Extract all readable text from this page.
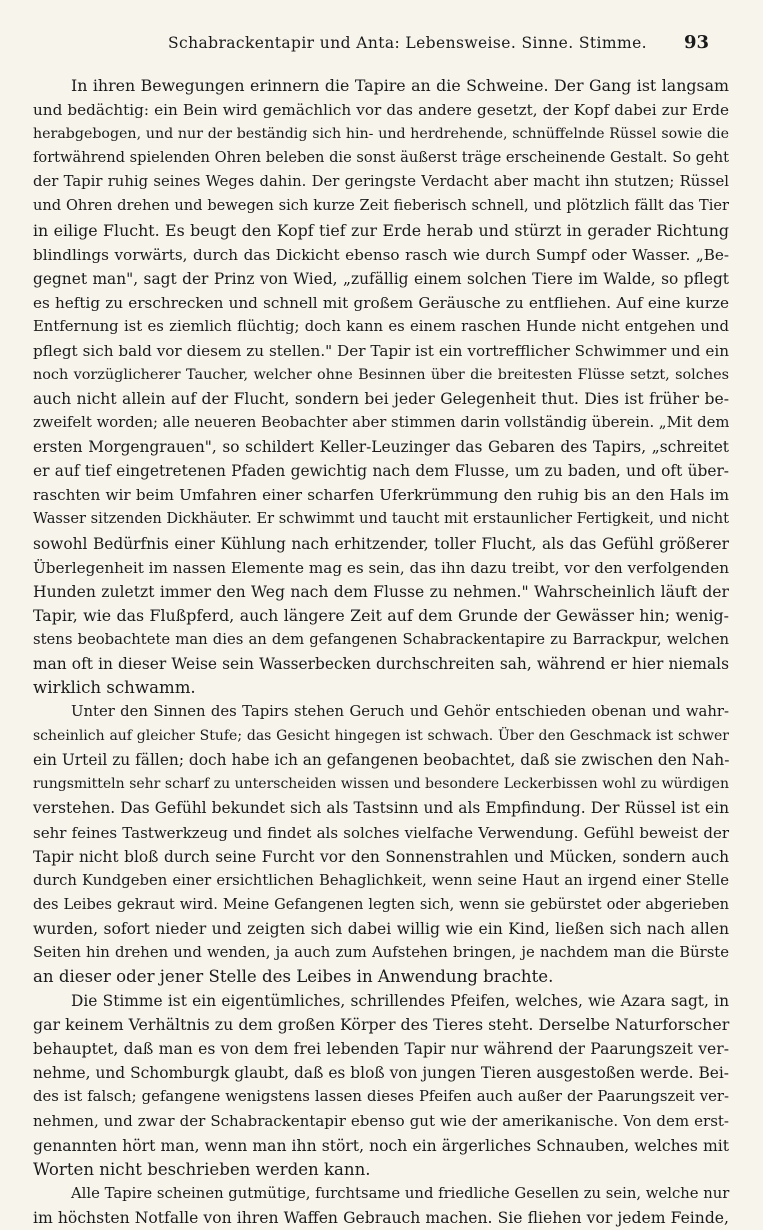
Schabrackentapir und Anta: Lebensweise. Sinne. Stimme. 93
In ihren Bewegungen erinnern die Tapire an die Schweine. Der Gang ist langsam
und bedächtig: ein Bein wird gemächlich vor das andere gesetzt, der Kopf dabei zur Erde
herabgebogen, und nur der beständig sich hin- und herdrehende, schnüffelnde Rüssel sowie die
fortwährend spielenden Ohren beleben die sonst äußerst träge erscheinende Gestalt. So geht
der Tapir ruhig seines Weges dahin. Der geringste Verdacht aber macht ihn stutzen; Rüssel
und Ohren drehen und bewegen sich kurze Zeit fieberisch schnell, und plötzlich fällt das Tier
in eilige Flucht. Es beugt den Kopf tief zur Erde herab und stürzt in gerader Richtung
blindlings vorwärts, durch das Dickicht ebenso rasch wie durch Sumpf oder Wasser. „Be-
gegnet man", sagt der Prinz von Wied, „zufällig einem solchen Tiere im Walde, so pflegt
es heftig zu erschrecken und schnell mit großem Geräusche zu entfliehen. Auf eine kurze
Entfernung ist es ziemlich flüchtig; doch kann es einem raschen Hunde nicht entgehen und
pflegt sich bald vor diesem zu stellen." Der Tapir ist ein vortrefflicher Schwimmer und ein
noch vorzüglicherer Taucher, welcher ohne Besinnen über die breitesten Flüsse setzt, solches
auch nicht allein auf der Flucht, sondern bei jeder Gelegenheit thut. Dies ist früher be-
zweifelt worden; alle neueren Beobachter aber stimmen darin vollständig überein. „Mit dem
ersten Morgengrauen", so schildert Keller-Leuzinger das Gebaren des Tapirs, „schreitet
er auf tief eingetretenen Pfaden gewichtig nach dem Flusse, um zu baden, und oft über-
raschten wir beim Umfahren einer scharfen Uferkrümmung den ruhig bis an den Hals im
Wasser sitzenden Dickhäuter. Er schwimmt und taucht mit erstaunlicher Fertigkeit, und nicht
sowohl Bedürfnis einer Kühlung nach erhitzender, toller Flucht, als das Gefühl größerer
Überlegenheit im nassen Elemente mag es sein, das ihn dazu treibt, vor den verfolgenden
Hunden zuletzt immer den Weg nach dem Flusse zu nehmen." Wahrscheinlich läuft der
Tapir, wie das Flußpferd, auch längere Zeit auf dem Grunde der Gewässer hin; wenig-
stens beobachtete man dies an dem gefangenen Schabrackentapire zu Barrackpur, welchen
man oft in dieser Weise sein Wasserbecken durchschreiten sah, während er hier niemals
wirklich schwamm.
Unter den Sinnen des Tapirs stehen Geruch und Gehör entschieden obenan und wahr-
scheinlich auf gleicher Stufe; das Gesicht hingegen ist schwach. Über den Geschmack ist schwer
ein Urteil zu fällen; doch habe ich an gefangenen beobachtet, daß sie zwischen den Nah-
rungsmitteln sehr scharf zu unterscheiden wissen und besondere Leckerbissen wohl zu würdigen
verstehen. Das Gefühl bekundet sich als Tastsinn und als Empfindung. Der Rüssel ist ein
sehr feines Tastwerkzeug und findet als solches vielfache Verwendung. Gefühl beweist der
Tapir nicht bloß durch seine Furcht vor den Sonnenstrahlen und Mücken, sondern auch
durch Kundgeben einer ersichtlichen Behaglichkeit, wenn seine Haut an irgend einer Stelle
des Leibes gekraut wird. Meine Gefangenen legten sich, wenn sie gebürstet oder abgerieben
wurden, sofort nieder und zeigten sich dabei willig wie ein Kind, ließen sich nach allen
Seiten hin drehen und wenden, ja auch zum Aufstehen bringen, je nachdem man die Bürste
an dieser oder jener Stelle des Leibes in Anwendung brachte.
Die Stimme ist ein eigentümliches, schrillendes Pfeifen, welches, wie Azara sagt, in
gar keinem Verhältnis zu dem großen Körper des Tieres steht. Derselbe Naturforscher
behauptet, daß man es von dem frei lebenden Tapir nur während der Paarungszeit ver-
nehme, und Schomburgk glaubt, daß es bloß von jungen Tieren ausgestoßen werde. Bei-
des ist falsch; gefangene wenigstens lassen dieses Pfeifen auch außer der Paarungszeit ver-
nehmen, und zwar der Schabrackentapir ebenso gut wie der amerikanische. Von dem erst-
genannten hört man, wenn man ihn stört, noch ein ärgerliches Schnauben, welches mit
Worten nicht beschrieben werden kann.
Alle Tapire scheinen gutmütige, furchtsame und friedliche Gesellen zu sein, welche nur
im höchsten Notfalle von ihren Waffen Gebrauch machen. Sie fliehen vor jedem Feinde,
